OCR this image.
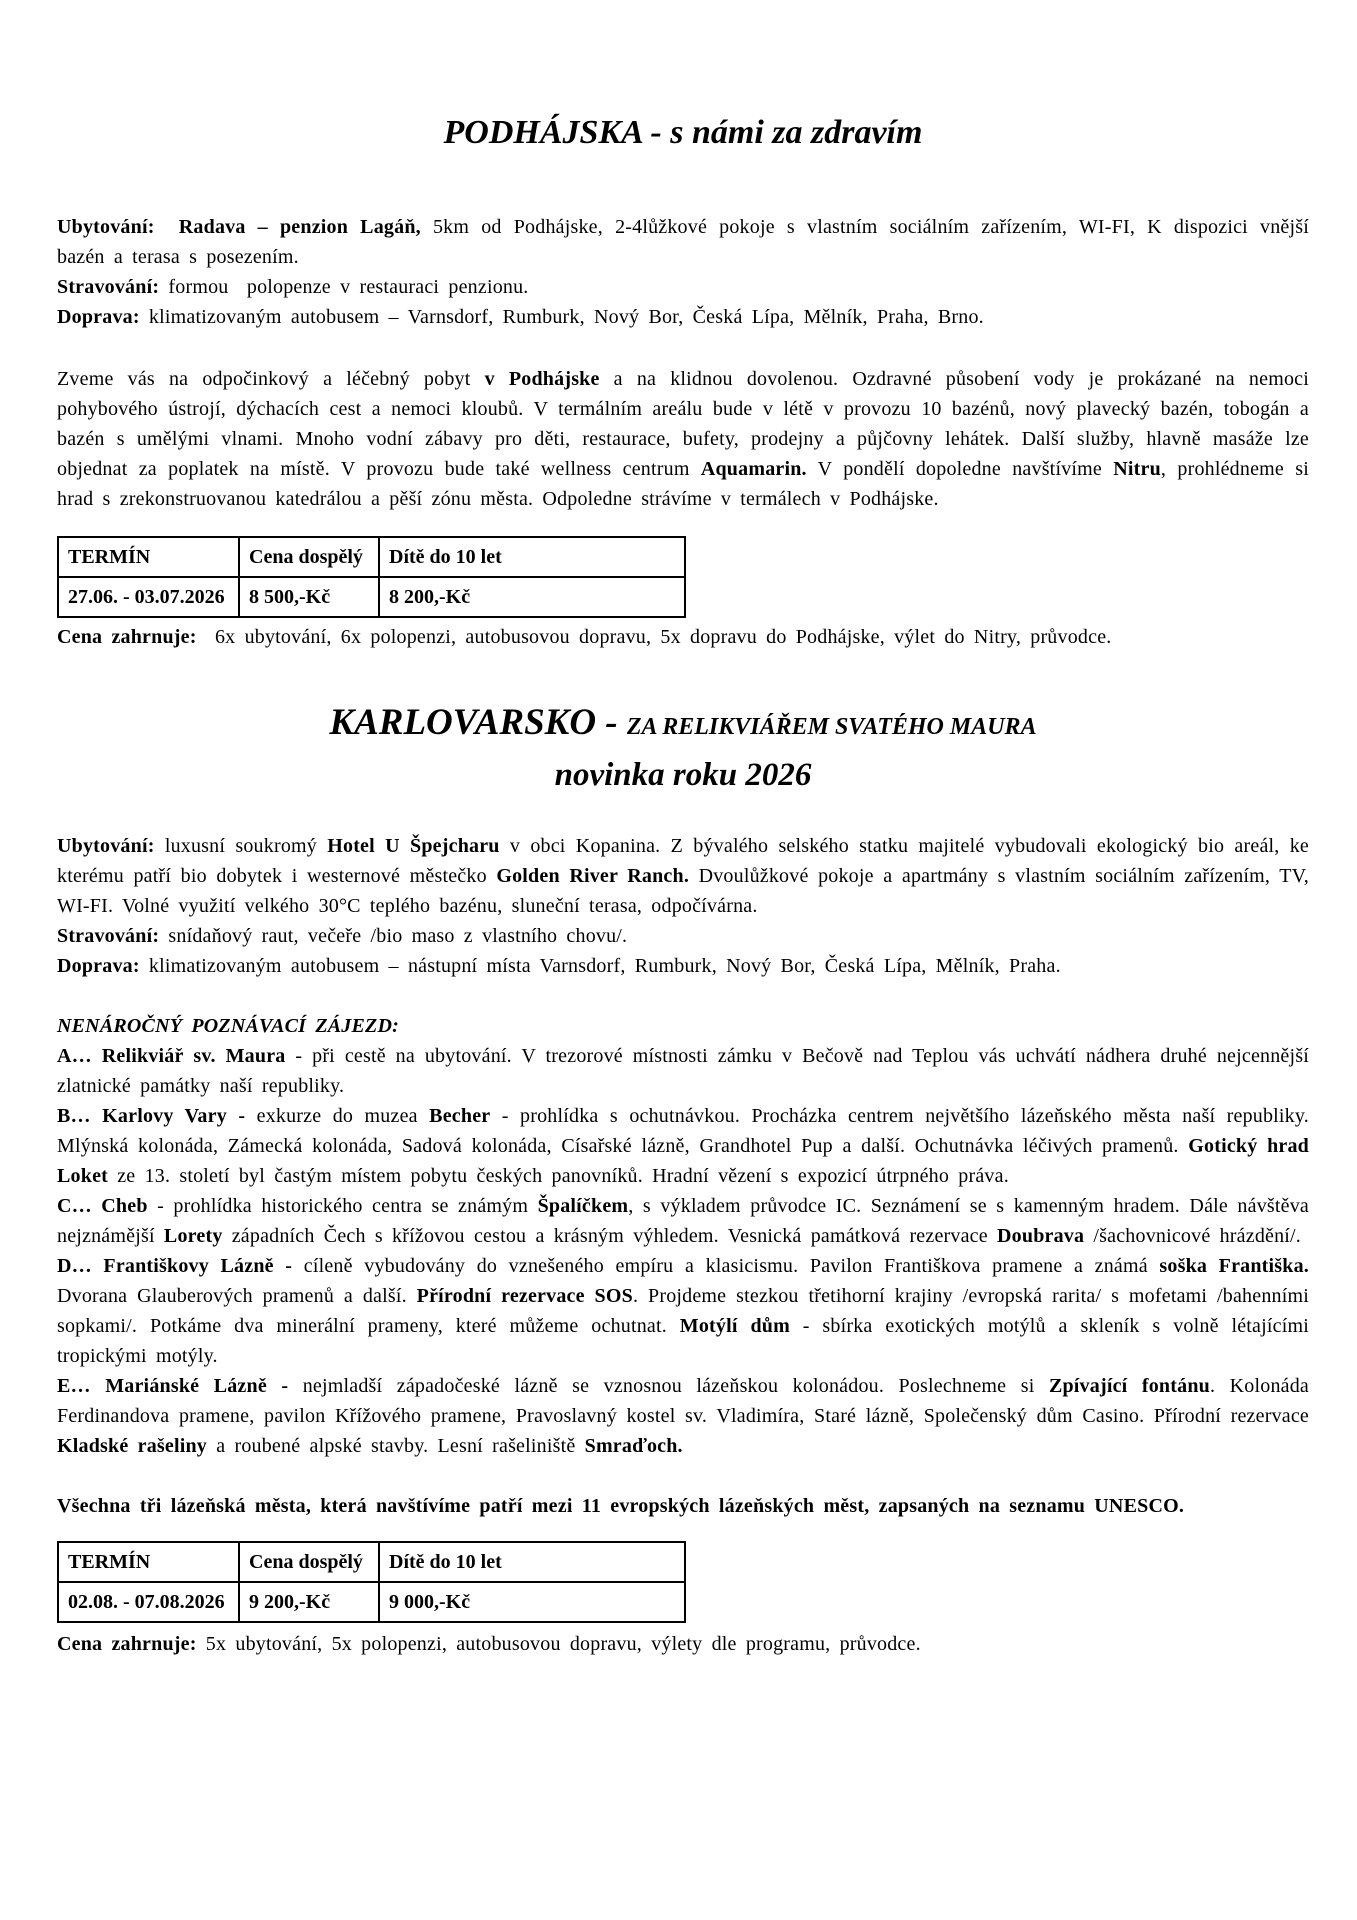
PODHÁJSKA - s námi za zdravím

Ubytování:  Radava – penzion Lagáň, 5km od Podhájske, 2-4lůžkové pokoje s vlastním sociálním zařízením, WI-FI, K dispozici vnější bazén a terasa s posezením.

Stravování: formou  polopenze v restauraci penzionu.

Doprava: klimatizovaným autobusem – Varnsdorf, Rumburk, Nový Bor, Česká Lípa, Mělník, Praha, Brno.

Zveme vás na odpočinkový a léčebný pobyt v Podhájske a na klidnou dovolenou. Ozdravné působení vody je prokázané na nemoci pohybového ústrojí, dýchacích cest a nemoci kloubů. V termálním areálu bude v létě v provozu 10 bazénů, nový plavecký bazén, tobogán a bazén s umělými vlnami. Mnoho vodní zábavy pro děti, restaurace, bufety, prodejny a půjčovny lehátek. Další služby, hlavně masáže lze objednat za poplatek na místě. V provozu bude také wellness centrum Aquamarin. V pondělí dopoledne navštívíme Nitru, prohlédneme si hrad s zrekonstruovanou katedrálou a pěší zónu města. Odpoledne strávíme v termálech v Podhájske.

TERMÍN	Cena dospělý	Dítě do 10 let
27.06. - 03.07.2026	8 500,-Kč	8 200,-Kč

Cena zahrnuje:  6x ubytování, 6x polopenzi, autobusovou dopravu, 5x dopravu do Podhájske, výlet do Nitry, průvodce.

KARLOVARSKO - ZA RELIKVIÁŘEM SVATÉHO MAURA
novinka roku 2026

Ubytování: luxusní soukromý Hotel U Špejcharu v obci Kopanina. Z bývalého selského statku majitelé vybudovali ekologický bio areál, ke kterému patří bio dobytek i westernové městečko Golden River Ranch. Dvoulůžkové pokoje a apartmány s vlastním sociálním zařízením, TV, WI-FI. Volné využití velkého 30°C teplého bazénu, sluneční terasa, odpočívárna.

Stravování: snídaňový raut, večeře /bio maso z vlastního chovu/.

Doprava: klimatizovaným autobusem – nástupní místa Varnsdorf, Rumburk, Nový Bor, Česká Lípa, Mělník, Praha.

NENÁROČNÝ POZNÁVACÍ ZÁJEZD:

A… Relikviář sv. Maura - při cestě na ubytování. V trezorové místnosti zámku v Bečově nad Teplou vás uchvátí nádhera druhé nejcennější zlatnické památky naší republiky.

B… Karlovy Vary - exkurze do muzea Becher - prohlídka s ochutnávkou. Procházka centrem největšího lázeňského města naší republiky. Mlýnská kolonáda, Zámecká kolonáda, Sadová kolonáda, Císařské lázně, Grandhotel Pup a další. Ochutnávka léčivých pramenů. Gotický hrad Loket ze 13. století byl častým místem pobytu českých panovníků. Hradní vězení s expozicí útrpného práva.

C… Cheb - prohlídka historického centra se známým Špalíčkem, s výkladem průvodce IC. Seznámení se s kamenným hradem. Dále návštěva nejznámější Lorety západních Čech s křížovou cestou a krásným výhledem. Vesnická památková rezervace Doubrava /šachovnicové hrázdění/.

D… Františkovy Lázně - cíleně vybudovány do vznešeného empíru a klasicismu. Pavilon Františkova pramene a známá soška Františka. Dvorana Glauberových pramenů a další. Přírodní rezervace SOS. Projdeme stezkou třetihorní krajiny /evropská rarita/ s mofetami /bahenními sopkami/. Potkáme dva minerální prameny, které můžeme ochutnat. Motýlí dům - sbírka exotických motýlů a skleník s volně létajícími tropickými motýly.

E… Mariánské Lázně - nejmladší západočeské lázně se vznosnou lázeňskou kolonádou. Poslechneme si Zpívající fontánu. Kolonáda Ferdinandova pramene, pavilon Křížového pramene, Pravoslavný kostel sv. Vladimíra, Staré lázně, Společenský dům Casino. Přírodní rezervace Kladské rašeliny a roubené alpské stavby. Lesní rašeliniště Smraďoch.

Všechna tři lázeňská města, která navštívíme patří mezi 11 evropských lázeňských měst, zapsaných na seznamu UNESCO.

TERMÍN	Cena dospělý	Dítě do 10 let
02.08. - 07.08.2026	9 200,-Kč	9 000,-Kč

Cena zahrnuje: 5x ubytování, 5x polopenzi, autobusovou dopravu, výlety dle programu, průvodce.
